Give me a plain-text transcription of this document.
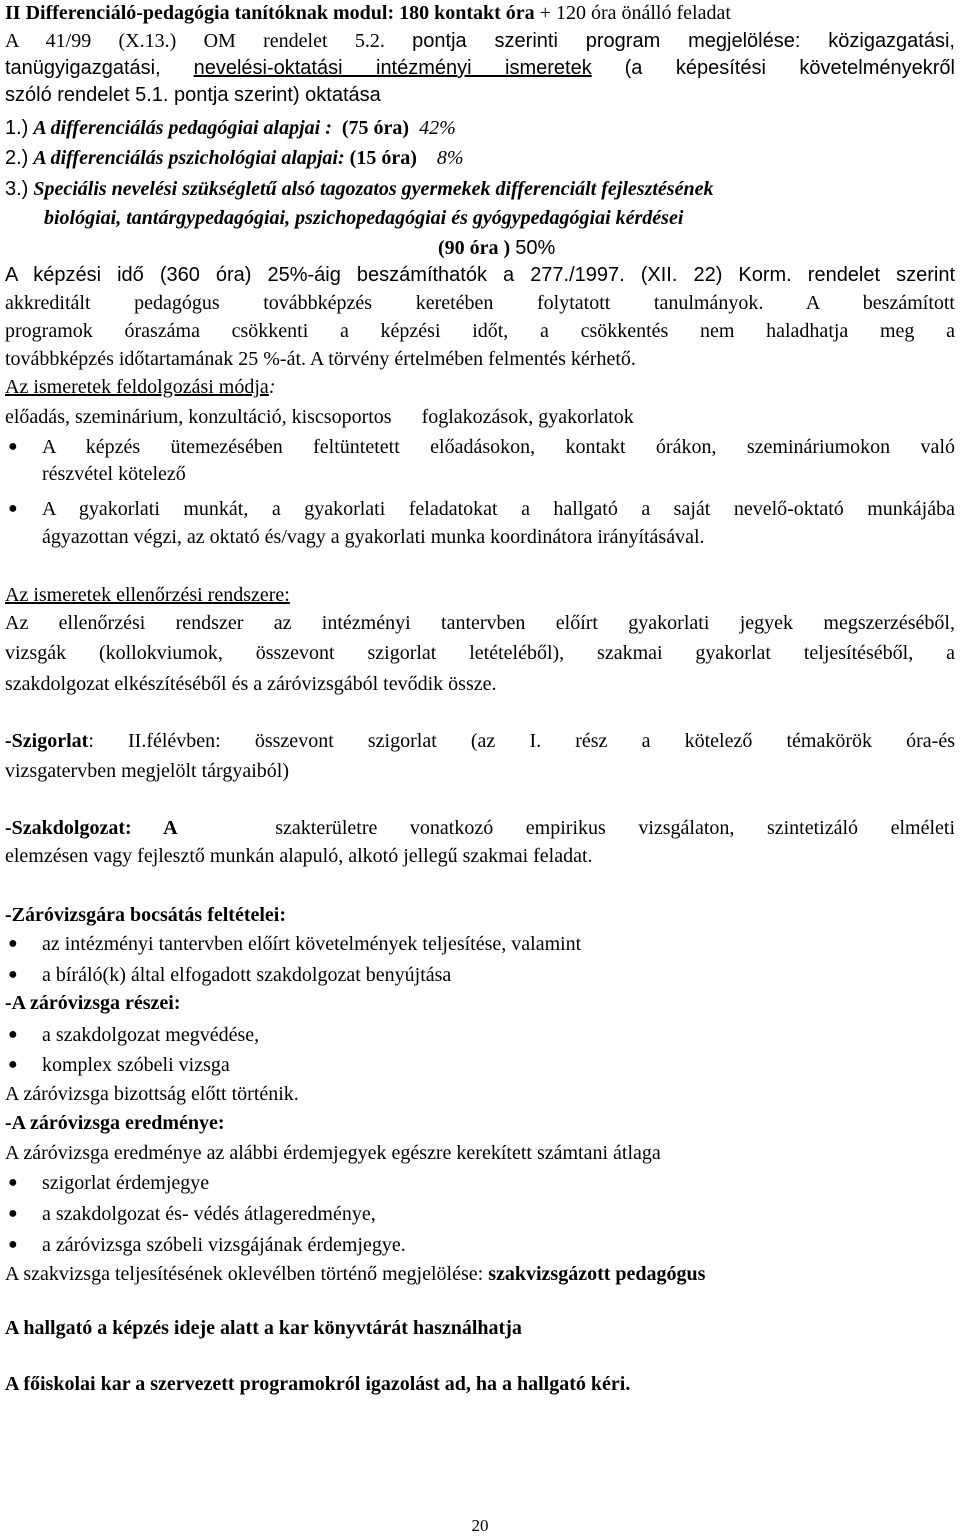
II Differenciáló-pedagógia tanítóknak modul: 180 kontakt óra + 120 óra önálló feladat
A 41/99 (X.13.) OM rendelet 5.2. pontja szerinti program megjelölése: közigazgatási,
tanügyigazgatási, nevelési-oktatási intézményi ismeretek (a képesítési követelményekről
szóló rendelet 5.1. pontja szerint) oktatása
1.) A differenciálás pedagógiai alapjai : (75 óra) 42%
2.) A differenciálás pszichológiai alapjai: (15 óra) 8%
3.) Speciális nevelési szükségletű alsó tagozatos gyermekek differenciált fejlesztésének
biológiai, tantárgypedagógiai, pszichopedagógiai és gyógypedagógiai kérdései
(90 óra ) 50%
A képzési idő (360 óra) 25%-áig beszámíthatók a 277./1997. (XII. 22) Korm. rendelet szerint
akkreditált pedagógus továbbképzés keretében folytatott tanulmányok. A beszámított
programok óraszáma csökkenti a képzési időt, a csökkentés nem haladhatja meg a
továbbképzés időtartamának 25 %-át. A törvény értelmében felmentés kérhető.
Az ismeretek feldolgozási módja:
előadás, szeminárium, konzultáció, kiscsoportos foglakozások, gyakorlatok
● A képzés ütemezésében feltüntetett előadásokon, kontakt órákon, szemináriumokon való
részvétel kötelező
● A gyakorlati munkát, a gyakorlati feladatokat a hallgató a saját nevelő-oktató munkájába
ágyazottan végzi, az oktató és/vagy a gyakorlati munka koordinátora irányításával.
Az ismeretek ellenőrzési rendszere:
Az ellenőrzési rendszer az intézményi tantervben előírt gyakorlati jegyek megszerzéséből,
vizsgák (kollokviumok, összevont szigorlat letételéből), szakmai gyakorlat teljesítéséből, a
szakdolgozat elkészítéséből és a záróvizsgából tevődik össze.
-Szigorlat: II.félévben: összevont szigorlat (az I. rész a kötelező témakörök óra-és
vizsgatervben megjelölt tárgyaiból)
-Szakdolgozat: A	szakterületre vonatkozó empirikus vizsgálaton, szintetizáló elméleti
elemzésen vagy fejlesztő munkán alapuló, alkotó jellegű szakmai feladat.
-Záróvizsgára bocsátás feltételei:
● az intézményi tantervben előírt követelmények teljesítése, valamint
● a bíráló(k) által elfogadott szakdolgozat benyújtása
-A záróvizsga részei:
● a szakdolgozat megvédése,
● komplex szóbeli vizsga
A záróvizsga bizottság előtt történik.
-A záróvizsga eredménye:
A záróvizsga eredménye az alábbi érdemjegyek egészre kerekített számtani átlaga
● szigorlat érdemjegye
● a szakdolgozat és- védés átlageredménye,
● a záróvizsga szóbeli vizsgájának érdemjegye.
A szakvizsga teljesítésének oklevélben történő megjelölése: szakvizsgázott pedagógus
A hallgató a képzés ideje alatt a kar könyvtárát használhatja
A főiskolai kar a szervezett programokról igazolást ad, ha a hallgató kéri.
20
